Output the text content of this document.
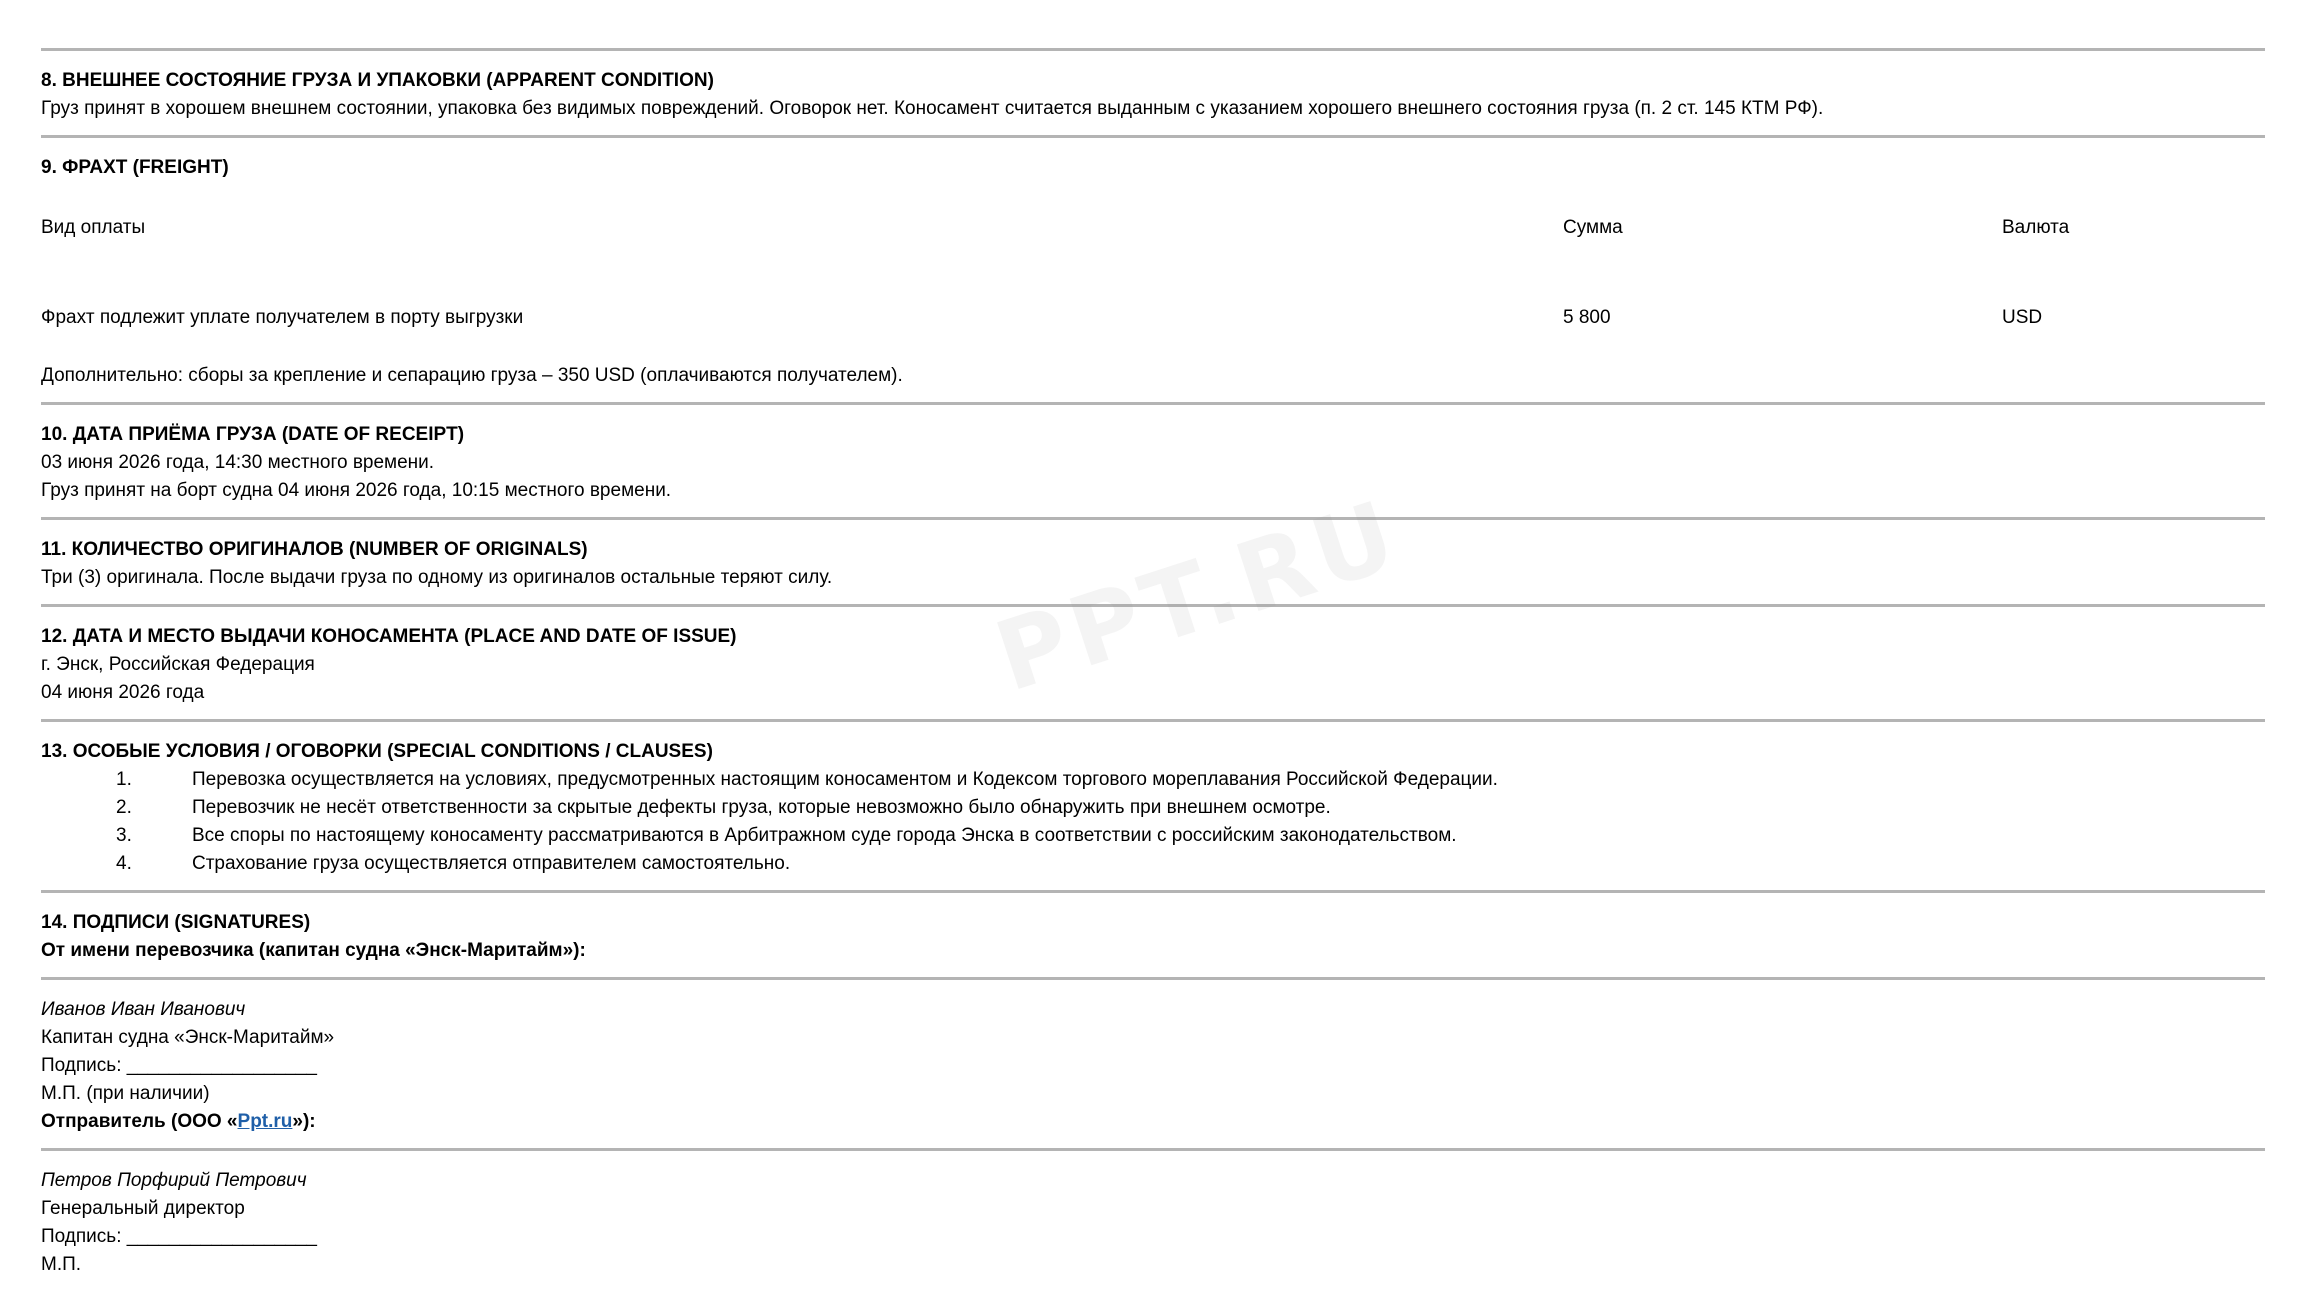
8. ВНЕШНЕЕ СОСТОЯНИЕ ГРУЗА И УПАКОВКИ (APPARENT CONDITION)
Груз принят в хорошем внешнем состоянии, упаковка без видимых повреждений. Оговорок нет. Коносамент считается выданным с указанием хорошего внешнего состояния груза (п. 2 ст. 145 КТМ РФ).
9. ФРАХТ (FREIGHT)
Вид оплаты	Сумма	Валюта
Фрахт подлежит уплате получателем в порту выгрузки	5 800	USD
Дополнительно: сборы за крепление и сепарацию груза – 350 USD (оплачиваются получателем).
10. ДАТА ПРИЁМА ГРУЗА (DATE OF RECEIPT)
03 июня 2026 года, 14:30 местного времени.
Груз принят на борт судна 04 июня 2026 года, 10:15 местного времени.
11. КОЛИЧЕСТВО ОРИГИНАЛОВ (NUMBER OF ORIGINALS)
Три (3) оригинала. После выдачи груза по одному из оригиналов остальные теряют силу.
12. ДАТА И МЕСТО ВЫДАЧИ КОНОСАМЕНТА (PLACE AND DATE OF ISSUE)
г. Энск, Российская Федерация
04 июня 2026 года
13. ОСОБЫЕ УСЛОВИЯ / ОГОВОРКИ (SPECIAL CONDITIONS / CLAUSES)
1.	Перевозка осуществляется на условиях, предусмотренных настоящим коносаментом и Кодексом торгового мореплавания Российской Федерации.
2.	Перевозчик не несёт ответственности за скрытые дефекты груза, которые невозможно было обнаружить при внешнем осмотре.
3.	Все споры по настоящему коносаменту рассматриваются в Арбитражном суде города Энска в соответствии с российским законодательством.
4.	Страхование груза осуществляется отправителем самостоятельно.
14. ПОДПИСИ (SIGNATURES)
От имени перевозчика (капитан судна «Энск-Маритайм»):
Иванов Иван Иванович
Капитан судна «Энск-Маритайм»
Подпись: __________________
М.П. (при наличии)
Отправитель (ООО «Ppt.ru»):
Петров Порфирий Петрович
Генеральный директор
Подпись: __________________
М.П.
PPT.RU
